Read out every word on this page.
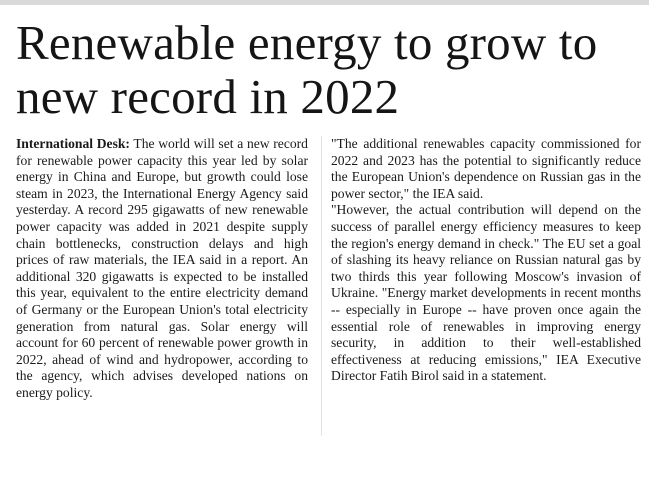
Renewable energy to grow to new record in 2022

International Desk: The world will set a new record for renewable power capacity this year led by solar energy in China and Europe, but growth could lose steam in 2023, the International Energy Agency said yesterday. A record 295 gigawatts of new renewable power capacity was added in 2021 despite supply chain bottlenecks, construction delays and high prices of raw materials, the IEA said in a report. An additional 320 gigawatts is expected to be installed this year, equivalent to the entire electricity demand of Germany or the European Union's total electricity generation from natural gas. Solar energy will account for 60 percent of renewable power growth in 2022, ahead of wind and hydropower, according to the agency, which advises developed nations on energy policy.

"The additional renewables capacity commissioned for 2022 and 2023 has the potential to significantly reduce the European Union's dependence on Russian gas in the power sector," the IEA said.

"However, the actual contribution will depend on the success of parallel energy efficiency measures to keep the region's energy demand in check." The EU set a goal of slashing its heavy reliance on Russian natural gas by two thirds this year following Moscow's invasion of Ukraine. "Energy market developments in recent months -- especially in Europe -- have proven once again the essential role of renewables in improving energy security, in addition to their well-established effectiveness at reducing emissions," IEA Executive Director Fatih Birol said in a statement.
